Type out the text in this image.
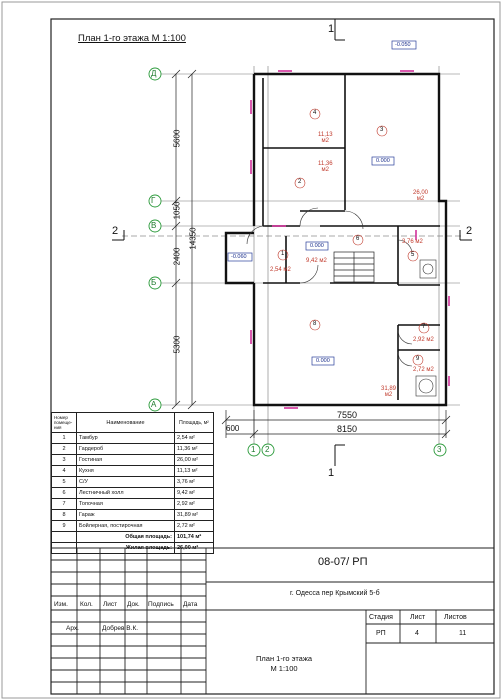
План 1-го этажа М 1:100
1
1
2	2
Д
Г
В
Б
А
1 2	3
5600
1050
2400
5300
14350
7550
600	8150
-0.050
-0.060
0.000
0.000
0.000
4
3
2
1
6
5
7
8
9
11,13
м2
11,36
м2
26,00
м2
2,54 м2
9,42 м2
3,76 м2
2,92 м2
2,72 м2
31,89
м2
Номер помеще-ния	Наименование	Площадь, м²
1	Тамбур	2,54 м²
2	Гардероб	11,36 м²
3	Гостиная	26,00 м²
4	Кухня	11,13 м²
5	С/У	3,76 м²
6	Лестничный холл	9,42 м²
7	Топочная	2,92 м²
8	Гараж	31,89 м²
9	Бойлерная, постирочная	2,72 м²
	Общая площадь:	101,74 м²
	Жилая площадь:	26,00 м²
08-07/ РП
г. Одесса пер Крымский 5-б
Изм. Кол. Лист Док. Подпись Дата
Арх.	Добрев В.К.
Стадия Лист	Листов
РП	4	11
План 1-го этажа
М 1:100
